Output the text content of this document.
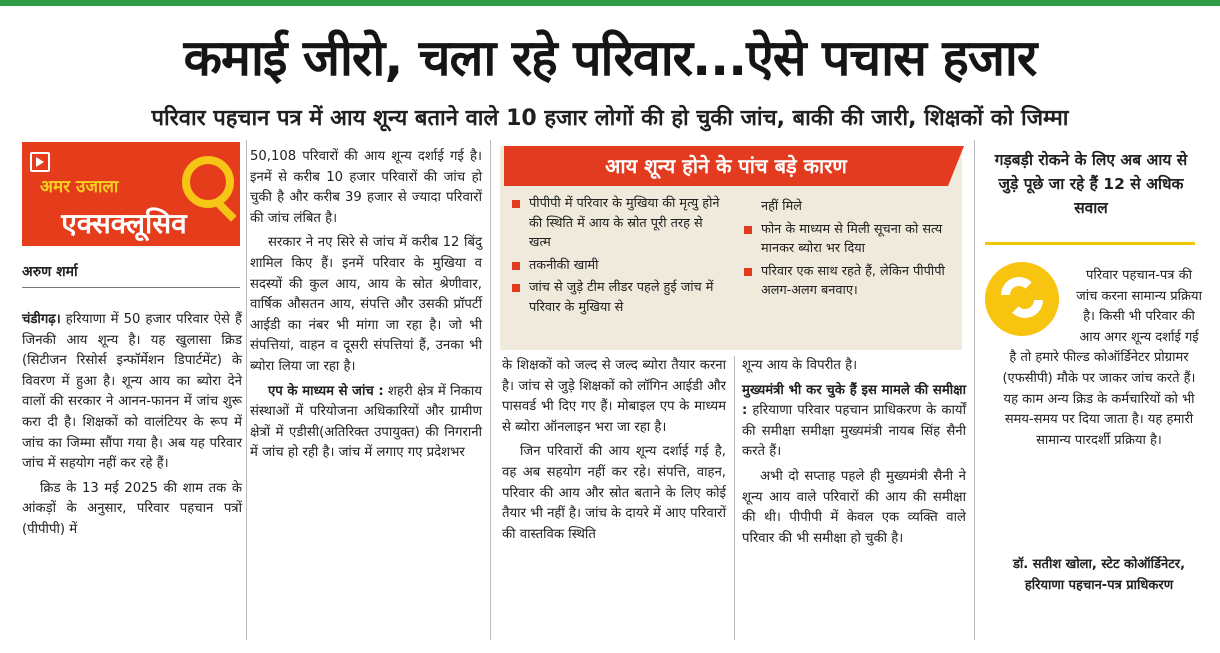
कमाई जीरो, चला रहे परिवार...ऐसे पचास हजार
परिवार पहचान पत्र में आय शून्य बताने वाले 10 हजार लोगों की हो चुकी जांच, बाकी की जारी, शिक्षकों को जिम्मा
अमर उजाला
एक्सक्लूसिव
अरुण शर्मा

चंडीगढ़। हरियाणा में 50 हजार परिवार ऐसे हैं जिनकी आय शून्य है। यह खुलासा क्रिड (सिटीजन रिसोर्स इन्फॉर्मेशन डिपार्टमेंट) के विवरण में हुआ है। शून्य आय का ब्योरा देने वालों की सरकार ने आनन-फानन में जांच शुरू करा दी है। शिक्षकों को वालंटियर के रूप में जांच का जिम्मा सौंपा गया है। अब यह परिवार जांच में सहयोग नहीं कर रहे हैं।

क्रिड के 13 मई 2025 की शाम तक के आंकड़ों के अनुसार, परिवार पहचान पत्रों (पीपीपी) में

50,108 परिवारों की आय शून्य दर्शाई गई है। इनमें से करीब 10 हजार परिवारों की जांच हो चुकी है और करीब 39 हजार से ज्यादा परिवारों की जांच लंबित है।

सरकार ने नए सिरे से जांच में करीब 12 बिंदु शामिल किए हैं। इनमें परिवार के मुखिया व सदस्यों की कुल आय, आय के स्रोत श्रेणीवार, वार्षिक औसतन आय, संपत्ति और उसकी प्रॉपर्टी आईडी का नंबर भी मांगा जा रहा है। जो भी संपत्तियां, वाहन व दूसरी संपत्तियां हैं, उनका भी ब्योरा लिया जा रहा है।

एप के माध्यम से जांच : शहरी क्षेत्र में निकाय संस्थाओं में परियोजना अधिकारियों और ग्रामीण क्षेत्रों में एडीसी(अतिरिक्त उपायुक्त) की निगरानी में जांच हो रही है। जांच में लगाए गए प्रदेशभर

आय शून्य होने के पांच बड़े कारण
पीपीपी में परिवार के मुखिया की मृत्यु होने की स्थिति में आय के स्रोत पूरी तरह से खत्म
तकनीकी खामी
जांच से जुड़े टीम लीडर पहले हुई जांच में परिवार के मुखिया से
नहीं मिले
फोन के माध्यम से मिली सूचना को सत्य मानकर ब्योरा भर दिया
परिवार एक साथ रहते हैं, लेकिन पीपीपी अलग-अलग बनवाए।

के शिक्षकों को जल्द से जल्द ब्योरा तैयार करना है। जांच से जुड़े शिक्षकों को लॉगिन आईडी और पासवर्ड भी दिए गए हैं। मोबाइल एप के माध्यम से ब्योरा ऑनलाइन भरा जा रहा है।

जिन परिवारों की आय शून्य दर्शाई गई है, वह अब सहयोग नहीं कर रहे। संपत्ति, वाहन, परिवार की आय और स्रोत बताने के लिए कोई तैयार भी नहीं है। जांच के दायरे में आए परिवारों की वास्तविक स्थिति

शून्य आय के विपरीत है।

मुख्यमंत्री भी कर चुके हैं इस मामले की समीक्षा : हरियाणा परिवार पहचान प्राधिकरण के कार्यों की समीक्षा समीक्षा मुख्यमंत्री नायब सिंह सैनी करते हैं।

अभी दो सप्ताह पहले ही मुख्यमंत्री सैनी ने शून्य आय वाले परिवारों की आय की समीक्षा की थी। पीपीपी में केवल एक व्यक्ति वाले परिवार की भी समीक्षा हो चुकी है।

गड़बड़ी रोकने के लिए अब आय से जुड़े पूछे जा रहे हैं 12 से अधिक सवाल
परिवार पहचान-पत्र की जांच करना सामान्य प्रक्रिया है। किसी भी परिवार की आय अगर शून्य दर्शाई गई है तो हमारे फील्ड कोऑर्डिनेटर प्रोग्रामर (एफसीपी) मौके पर जाकर जांच करते हैं। यह काम अन्य क्रिड के कर्मचारियों को भी समय-समय पर दिया जाता है। यह हमारी सामान्य पारदर्शी प्रक्रिया है।
डॉ. सतीश खोला, स्टेट कोऑर्डिनेटर, हरियाणा पहचान-पत्र प्राधिकरण
